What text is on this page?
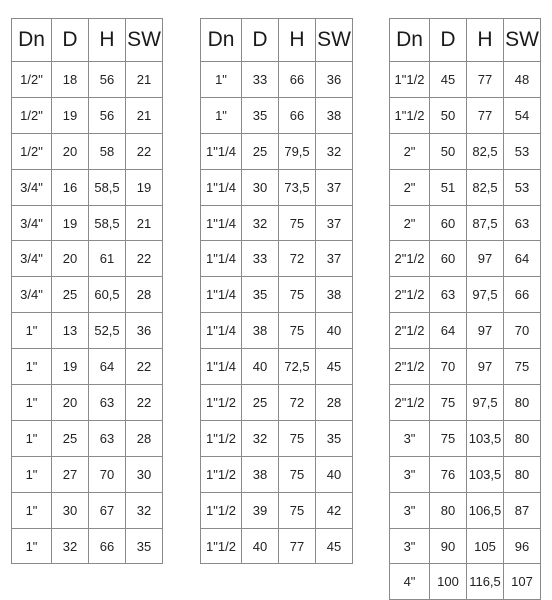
Dn	D	H	SW
1/2"	18	56	21
1/2"	19	56	21
1/2"	20	58	22
3/4"	16	58,5	19
3/4"	19	58,5	21
3/4"	20	61	22
3/4"	25	60,5	28
1"	13	52,5	36
1"	19	64	22
1"	20	63	22
1"	25	63	28
1"	27	70	30
1"	30	67	32
1"	32	66	35
Dn	D	H	SW
1"	33	66	36
1"	35	66	38
1"1/4	25	79,5	32
1"1/4	30	73,5	37
1"1/4	32	75	37
1"1/4	33	72	37
1"1/4	35	75	38
1"1/4	38	75	40
1"1/4	40	72,5	45
1"1/2	25	72	28
1"1/2	32	75	35
1"1/2	38	75	40
1"1/2	39	75	42
1"1/2	40	77	45
Dn	D	H	SW
1"1/2	45	77	48
1"1/2	50	77	54
2"	50	82,5	53
2"	51	82,5	53
2"	60	87,5	63
2"1/2	60	97	64
2"1/2	63	97,5	66
2"1/2	64	97	70
2"1/2	70	97	75
2"1/2	75	97,5	80
3"	75	103,5	80
3"	76	103,5	80
3"	80	106,5	87
3"	90	105	96
4"	100	116,5	107
